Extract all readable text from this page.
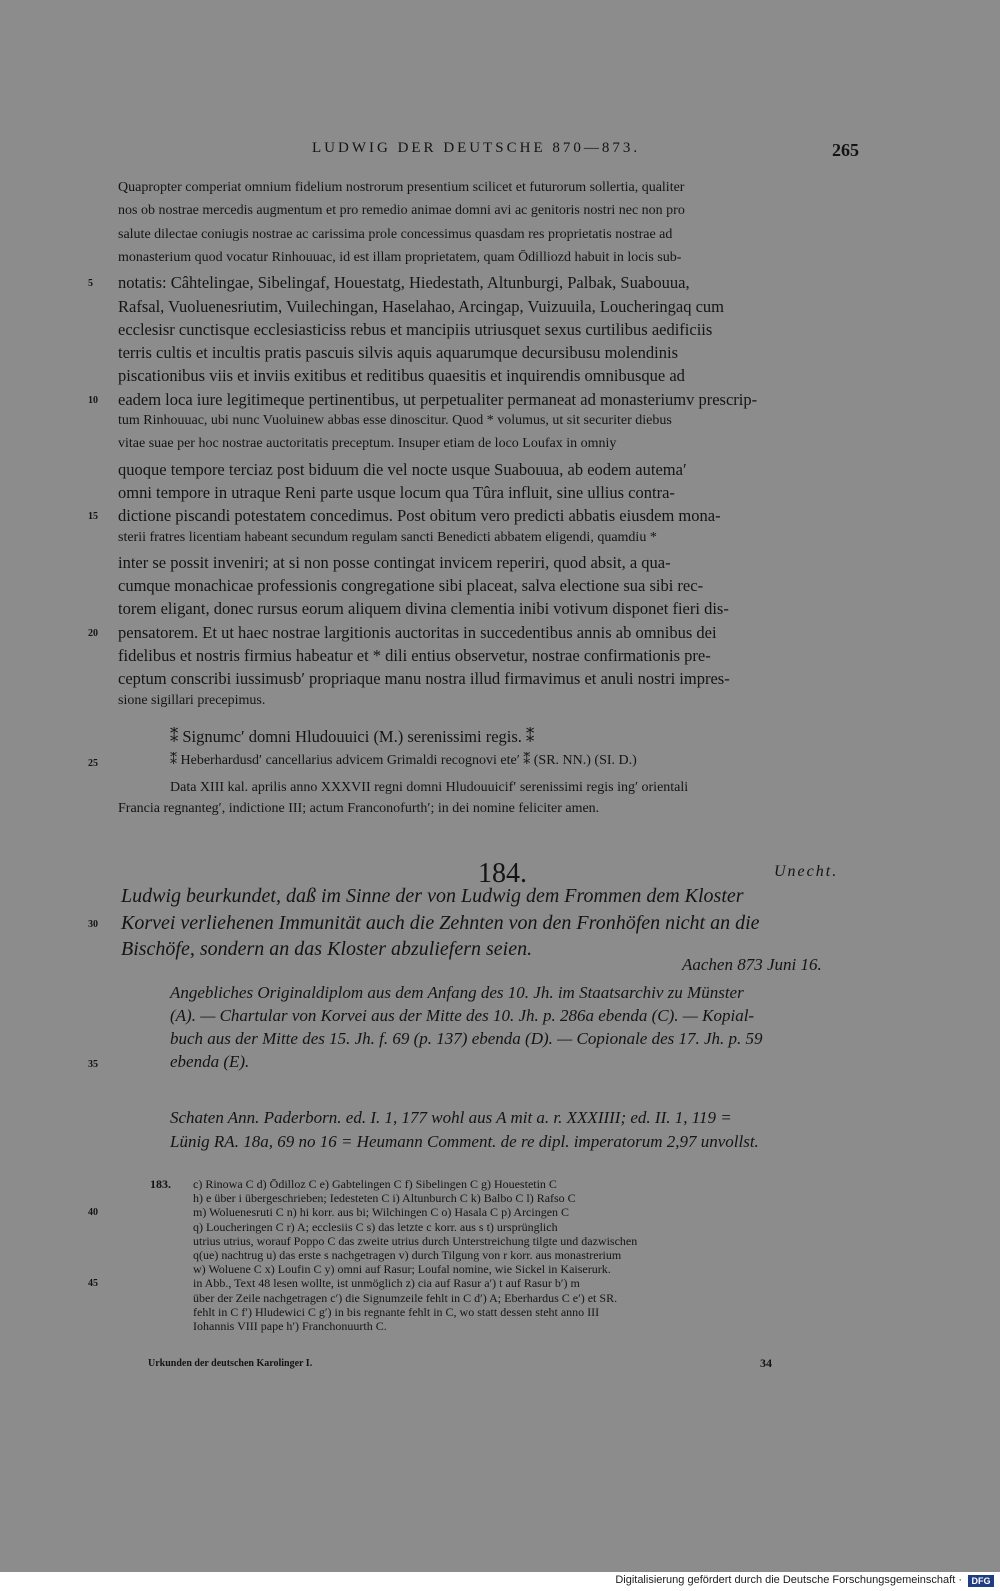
LUDWIG DER DEUTSCHE 870—873.	265
Quapropter comperiat omnium fidelium nostrorum presentium scilicet et futurorum sollertia, qualiter
nos ob nostrae mercedis augmentum et pro remedio animae domni avi ac genitoris nostri nec non pro
salute dilectae coniugis nostrae ac carissima prole concessimus quasdam res proprietatis nostrae ad
monasterium quod vocatur Rinhouuac, id est illam proprietatem, quam Ōdilliozd habuit in locis sub-
notatis: Câhtelingae, Sibelingaf, Houestatg, Hiedestath, Altunburgi, Palbak, Suabouua,
5
Rafsal, Vuoluenesriutim, Vuilechingan, Haselahao, Arcingap, Vuizuuila, Loucheringaq cum
ecclesisr cunctisque ecclesiasticiss rebus et mancipiis utriusquet sexus curtilibus aedificiis
terris cultis et incultis pratis pascuis silvis aquis aquarumque decursibusu molendinis
piscationibus viis et inviis exitibus et reditibus quaesitis et inquirendis omnibusque ad
eadem loca iure legitimeque pertinentibus, ut perpetualiter permaneat ad monasteriumv prescrip-
10
tum Rinhouuac, ubi nunc Vuoluinew abbas esse dinoscitur. Quod * volumus, ut sit securiter diebus
vitae suae per hoc nostrae auctoritatis preceptum. Insuper etiam de loco Loufax in omniy
quoque tempore terciaz post biduum die vel nocte usque Suabouua, ab eodem autema′
omni tempore in utraque Reni parte usque locum qua Tûra influit, sine ullius contra-
dictione piscandi potestatem concedimus. Post obitum vero predicti abbatis eiusdem mona-
15
sterii fratres licentiam habeant secundum regulam sancti Benedicti abbatem eligendi, quamdiu *
inter se possit inveniri; at si non posse contingat invicem reperiri, quod absit, a qua-
cumque monachicae professionis congregatione sibi placeat, salva electione sua sibi rec-
torem eligant, donec rursus eorum aliquem divina clementia inibi votivum disponet fieri dis-
pensatorem. Et ut haec nostrae largitionis auctoritas in succedentibus annis ab omnibus dei
20
fidelibus et nostris firmius habeatur et * dili entius observetur, nostrae confirmationis pre-
ceptum conscribi iussimusb′ propriaque manu nostra illud firmavimus et anuli nostri impres-
sione sigillari precepimus.
⁑ Signumc′ domni Hludouuici (M.) serenissimi regis. ⁑
25	⁑ Heberhardusd′ cancellarius advicem Grimaldi recognovi ete′ ⁑ (SR. NN.) (SI. D.)
Data XIII kal. aprilis anno XXXVII regni domni Hludouuicif′ serenissimi regis ing′ orientali
Francia regnanteg′, indictione III; actum Franconofurth′; in dei nomine feliciter amen.
184.	Unecht.
Ludwig beurkundet, daß im Sinne der von Ludwig dem Frommen dem Kloster
Korvei verliehenen Immunität auch die Zehnten von den Fronhöfen nicht an die
30
Bischöfe, sondern an das Kloster abzuliefern seien.
Aachen 873 Juni 16.
Angebliches Originaldiplom aus dem Anfang des 10. Jh. im Staatsarchiv zu Münster
(A). — Chartular von Korvei aus der Mitte des 10. Jh. p. 286a ebenda (C). — Kopial-
buch aus der Mitte des 15. Jh. f. 69 (p. 137) ebenda (D). — Copionale des 17. Jh. p. 59
ebenda (E).
35
Schaten Ann. Paderborn. ed. I. 1, 177 wohl aus A mit a. r. XXXIIII; ed. II. 1, 119 =
Lünig RA. 18a, 69 no 16 = Heumann Comment. de re dipl. imperatorum 2,97 unvollst.
183. c) Rinowa C d) Ōdilloz C e) Gabtelingen C f) Sibelingen C g) Houestetin C
h) e über i übergeschrieben; Iedesteten C i) Altunburch C k) Balbo C l) Rafso C
m) Woluenesruti C n) hi korr. aus bi; Wilchingen C o) Hasala C p) Arcingen C
40
q) Loucheringen C r) A; ecclesiis C s) das letzte c korr. aus s t) ursprünglich
utrius utrius, worauf Poppo C das zweite utrius durch Unterstreichung tilgte und dazwischen
q(ue) nachtrug u) das erste s nachgetragen v) durch Tilgung von r korr. aus monastrerium
w) Woluene C x) Loufin C y) omni auf Rasur; Loufal nomine, wie Sickel in Kaiserurk.
in Abb., Text 48 lesen wollte, ist unmöglich z) cia auf Rasur a′) t auf Rasur b′) m
45
über der Zeile nachgetragen c′) die Signumzeile fehlt in C d′) A; Eberhardus C e′) et SR.
fehlt in C f′) Hludewici C g′) in bis regnante fehlt in C, wo statt dessen steht anno III
Iohannis VIII pape h′) Franchonuurth C.
Urkunden der deutschen Karolinger I.	34
Digitalisierung gefördert durch die Deutsche Forschungsgemeinschaft ·	DFG
